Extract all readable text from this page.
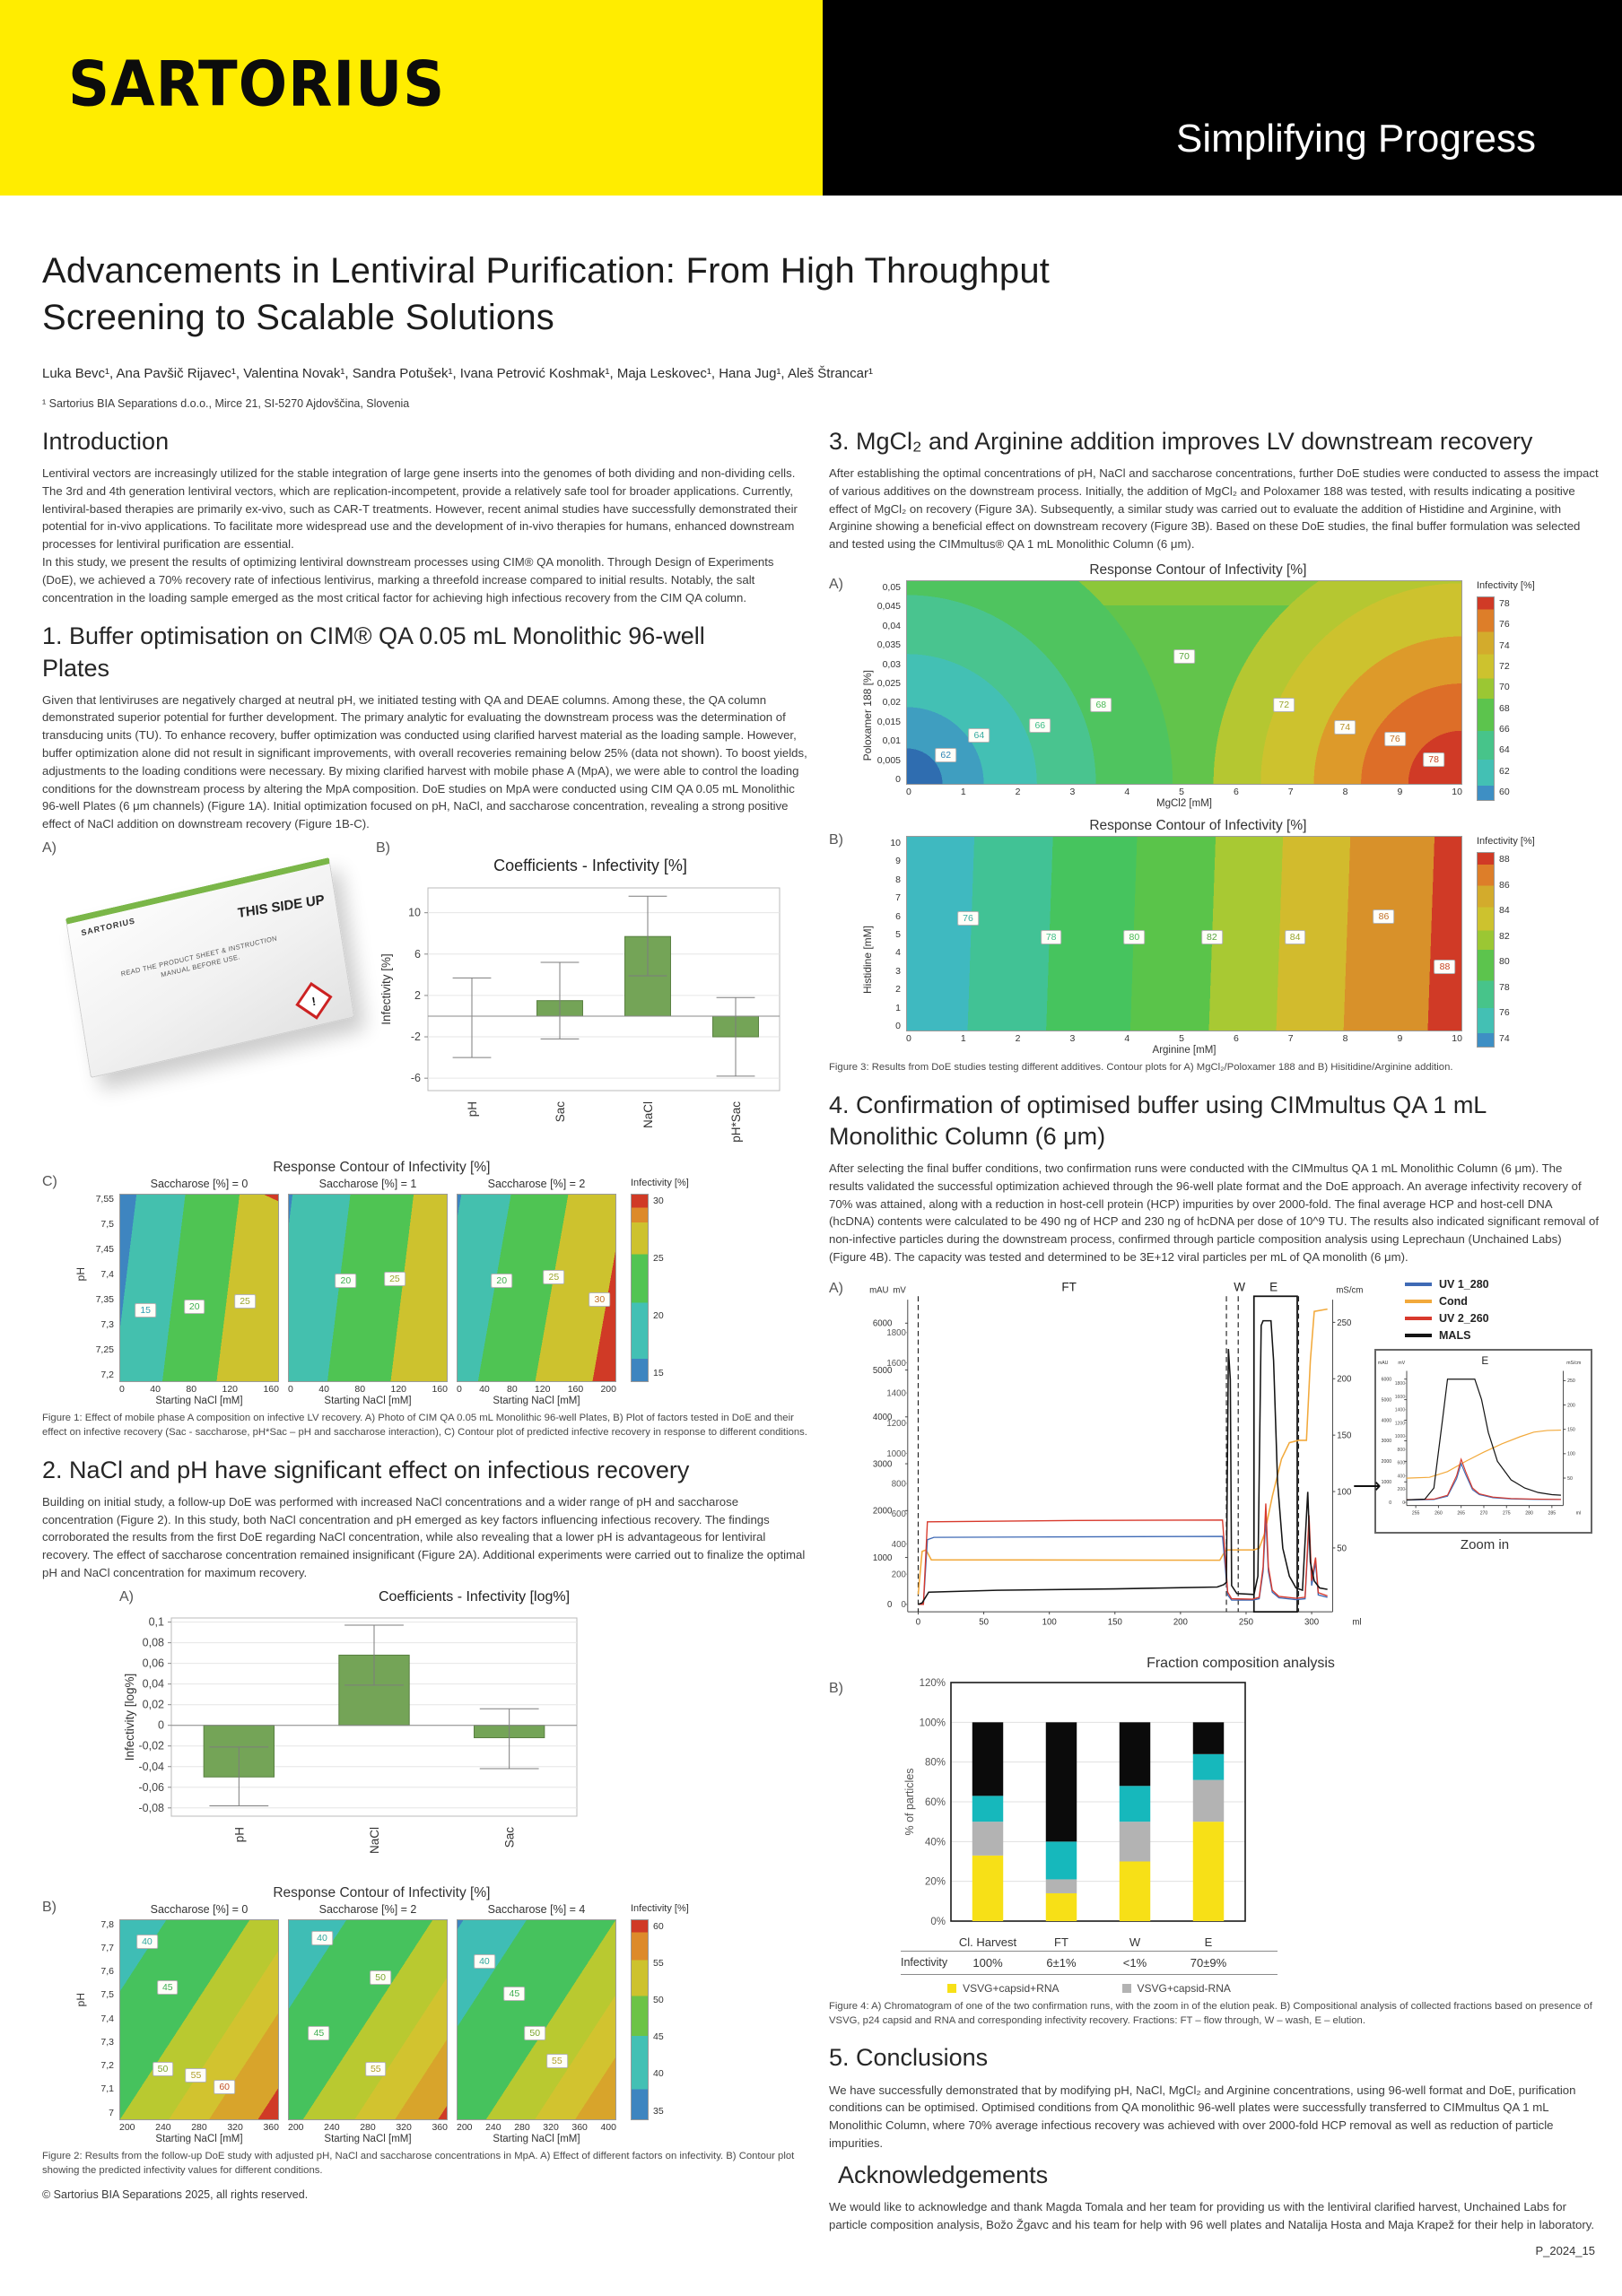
SARTORIUS
Simplifying Progress
Advancements in Lentiviral Purification: From High Throughput Screening to Scalable Solutions
Luka Bevc¹, Ana Pavšič Rijavec¹, Valentina Novak¹, Sandra Potušek¹, Ivana Petrović Koshmak¹, Maja Leskovec¹, Hana Jug¹, Aleš Štrancar¹
¹ Sartorius BIA Separations d.o.o., Mirce 21, SI-5270 Ajdovščina, Slovenia
Introduction

Lentiviral vectors are increasingly utilized for the stable integration of large gene inserts into the genomes of both dividing and non-dividing cells. The 3rd and 4th generation lentiviral vectors, which are replication-incompetent, provide a relatively safe tool for broader applications. Currently, lentiviral-based therapies are primarily ex-vivo, such as CAR-T treatments. However, recent animal studies have successfully demonstrated their potential for in-vivo applications. To facilitate more widespread use and the development of in-vivo therapies for humans, enhanced downstream processes for lentiviral purification are essential.

In this study, we present the results of optimizing lentiviral downstream processes using CIM® QA monolith. Through Design of Experiments (DoE), we achieved a 70% recovery rate of infectious lentivirus, marking a threefold increase compared to initial results. Notably, the salt concentration in the loading sample emerged as the most critical factor for achieving high infectious recovery from the CIM QA column.

1. Buffer optimisation on CIM® QA 0.05 mL Monolithic 96-well Plates

Given that lentiviruses are negatively charged at neutral pH, we initiated testing with QA and DEAE columns. Among these, the QA column demonstrated superior potential for further development. The primary analytic for evaluating the downstream process was the determination of transducing units (TU). To enhance recovery, buffer optimization was conducted using clarified harvest material as the loading sample. However, buffer optimization alone did not result in significant improvements, with overall recoveries remaining below 25% (data not shown). To boost yields, adjustments to the loading conditions were necessary. By mixing clarified harvest with mobile phase A (MpA), we were able to control the loading conditions for the downstream process by altering the MpA composition. DoE studies on MpA were conducted using CIM QA 0.05 mL Monolithic 96-well Plates (6 μm channels) (Figure 1A). Initial optimization focused on pH, NaCl, and saccharose concentration, revealing a strong positive effect of NaCl addition on downstream recovery (Figure 1B-C).

A)
SARTORIUS
THIS SIDE UP
READ THE PRODUCT SHEET & INSTRUCTION MANUAL BEFORE USE.
!
B)
Coefficients - Infectivity [%]
10
6
2
-2
-6
pH	Sac	NaCl	pH*Sac
Infectivity [%]
C)
Response Contour of Infectivity [%]
pH
7,55
7,5
7,45
7,4
7,35
7,3
7,25
7,2
Saccharose [%] = 0
15	20
25
0	40	80	120	160
Starting NaCl [mM]
Saccharose [%] = 1
20	25
0	40	80	120	160
Starting NaCl [mM]
Saccharose [%] = 2
20	25
30
0 40 80 120 160 200
Starting NaCl [mM]
Infectivity [%]
30
25
20
15
Figure 1: Effect of mobile phase A composition on infective LV recovery. A) Photo of CIM QA 0.05 mL Monolithic 96-well Plates, B) Plot of factors tested in DoE and their effect on infective recovery (Sac - saccharose, pH*Sac – pH and saccharose interaction), C) Contour plot of predicted infective recovery in response to different conditions.
2. NaCl and pH have significant effect on infectious recovery

Building on initial study, a follow-up DoE was performed with increased NaCl concentrations and a wider range of pH and saccharose concentration (Figure 2). In this study, both NaCl concentration and pH emerged as key factors influencing infectious recovery. The findings corroborated the results from the first DoE regarding NaCl concentration, while also revealing that a lower pH is advantageous for lentiviral recovery. The effect of saccharose concentration remained insignificant (Figure 2A). Additional experiments were carried out to finalize the optimal pH and NaCl concentration for maximum recovery.

A)	Coefficients - Infectivity [log%]
0,1
0,08
0,06
0,04
0,02
0
-0,02
-0,04
-0,06
-0,08
pH	NaCl	Sac
Infectivity [log%]
B)
Response Contour of Infectivity [%]
pH
7,8
7,7
7,6
7,5
7,4
7,3
7,2
7,1
7
Saccharose [%] = 0
40
45
50
55
60
200 240 280 320 360
Starting NaCl [mM]
Saccharose [%] = 2
40
50
45
55
200 240 280 320 360
Starting NaCl [mM]
Saccharose [%] = 4
40
45
50
55
200 240 280 320 360 400
Starting NaCl [mM]
Infectivity [%]
60
55
50
45
40
35
Figure 2: Results from the follow-up DoE study with adjusted pH, NaCl and saccharose concentrations in MpA. A) Effect of different factors on infectivity. B) Contour plot showing the predicted infectivity values for different conditions.
© Sartorius BIA Separations 2025, all rights reserved.
3. MgCl₂ and Arginine addition improves LV downstream recovery

After establishing the optimal concentrations of pH, NaCl and saccharose concentrations, further DoE studies were conducted to assess the impact of various additives on the downstream process. Initially, the addition of MgCl₂ and Poloxamer 188 was tested, with results indicating a positive effect of MgCl₂ on recovery (Figure 3A). Subsequently, a similar study was carried out to evaluate the addition of Histidine and Arginine, with Arginine showing a beneficial effect on downstream recovery (Figure 3B). Based on these DoE studies, the final buffer formulation was selected and tested using the CIMmultus® QA 1 mL Monolithic Column (6 μm).

A)
Response Contour of Infectivity [%]
Poloxamer 188 [%]
0,05
0,045
0,04
0,035
0,03
0,025
0,02
0,015
0,01
0,005
0
62
64
66
68
70
72
74
76
78
0	1	2	3	4	5	6	7	8	9	10
MgCl2 [mM]
Infectivity [%]
78
76
74
72
70
68
66
64
62
60
B)
Response Contour of Infectivity [%]
Histidine [mM]
10
9
8
7
6
5
4
3
2
1
0
76
78	80	82	84
86
88
0	1	2	3	4	5	6	7	8	9	10
Arginine [mM]
Infectivity [%]
88
86
84
82
80
78
76
74
Figure 3: Results from DoE studies testing different additives. Contour plots for A) MgCl₂/Poloxamer 188 and B) Hisitidine/Arginine addition.
4. Confirmation of optimised buffer using CIMmultus QA 1 mL Monolithic Column (6 μm)

After selecting the final buffer conditions, two confirmation runs were conducted with the CIMmultus QA 1 mL Monolithic Column (6 μm). The results validated the successful optimization achieved through the 96-well plate format and the DoE approach. An average infectivity recovery of 70% was attained, along with a reduction in host-cell protein (HCP) impurities by over 2000-fold. The final average HCP and host-cell DNA (hcDNA) contents were calculated to be 490 ng of HCP and 230 ng of hcDNA per dose of 10^9 TU. The results also indicated significant removal of non-infective particles during the downstream process, confirmed through particle composition analysis using Leprechaun (Unchained Labs) (Figure 4B). The capacity was tested and determined to be 3E+12 viral particles per mL of QA monolith (6 μm).

A)
0
1000
2000
3000
4000
5000
6000
0
200
400
600
800
1000
1200
1400
1600
1800
50
100
150
200
250
0	50	100	150	200	250	300	ml
mAU mV	mS/cm
FT	W E	UV 1_280
Cond
UV 2_260
MALS
⟶
0
1000
2000
3000
4000
5000
6000
0
200
400
600
800
1000
1200
1400
1600
1800
50
100
150
200
250
255	260	265	270	275	280	285	ml
mAU mV	mS/cm
E
Zoom in
Fraction composition analysis
B)
0%
20%
40%
60%
80%
100%
120%
% of particles
Cl. Harvest	FT	W	E
Infectivity	100%	6±1%	<1%	70±9%
VSVG+capsid+RNA	VSVG+capsid-RNA
Figure 4: A) Chromatogram of one of the two confirmation runs, with the zoom in of the elution peak. B) Compositional analysis of collected fractions based on presence of VSVG, p24 capsid and RNA and corresponding infectivity recovery. Fractions: FT – flow through, W – wash, E – elution.
5. Conclusions

We have successfully demonstrated that by modifying pH, NaCl, MgCl₂ and Arginine concentrations, using 96-well format and DoE, purification conditions can be optimised. Optimised conditions from QA monolithic 96-well plates were successfully transferred to CIMmultus QA 1 mL Monolithic Column, where 70% average infectious recovery was achieved with over 2000-fold HCP removal as well as reduction of particle impurities.

Acknowledgements

We would like to acknowledge and thank Magda Tomala and her team for providing us with the lentiviral clarified harvest, Unchained Labs for particle composition analysis, Božo Žgavc and his team for help with 96 well plates and Natalija Hosta and Maja Krapež for their help in laboratory.

P_2024_15
